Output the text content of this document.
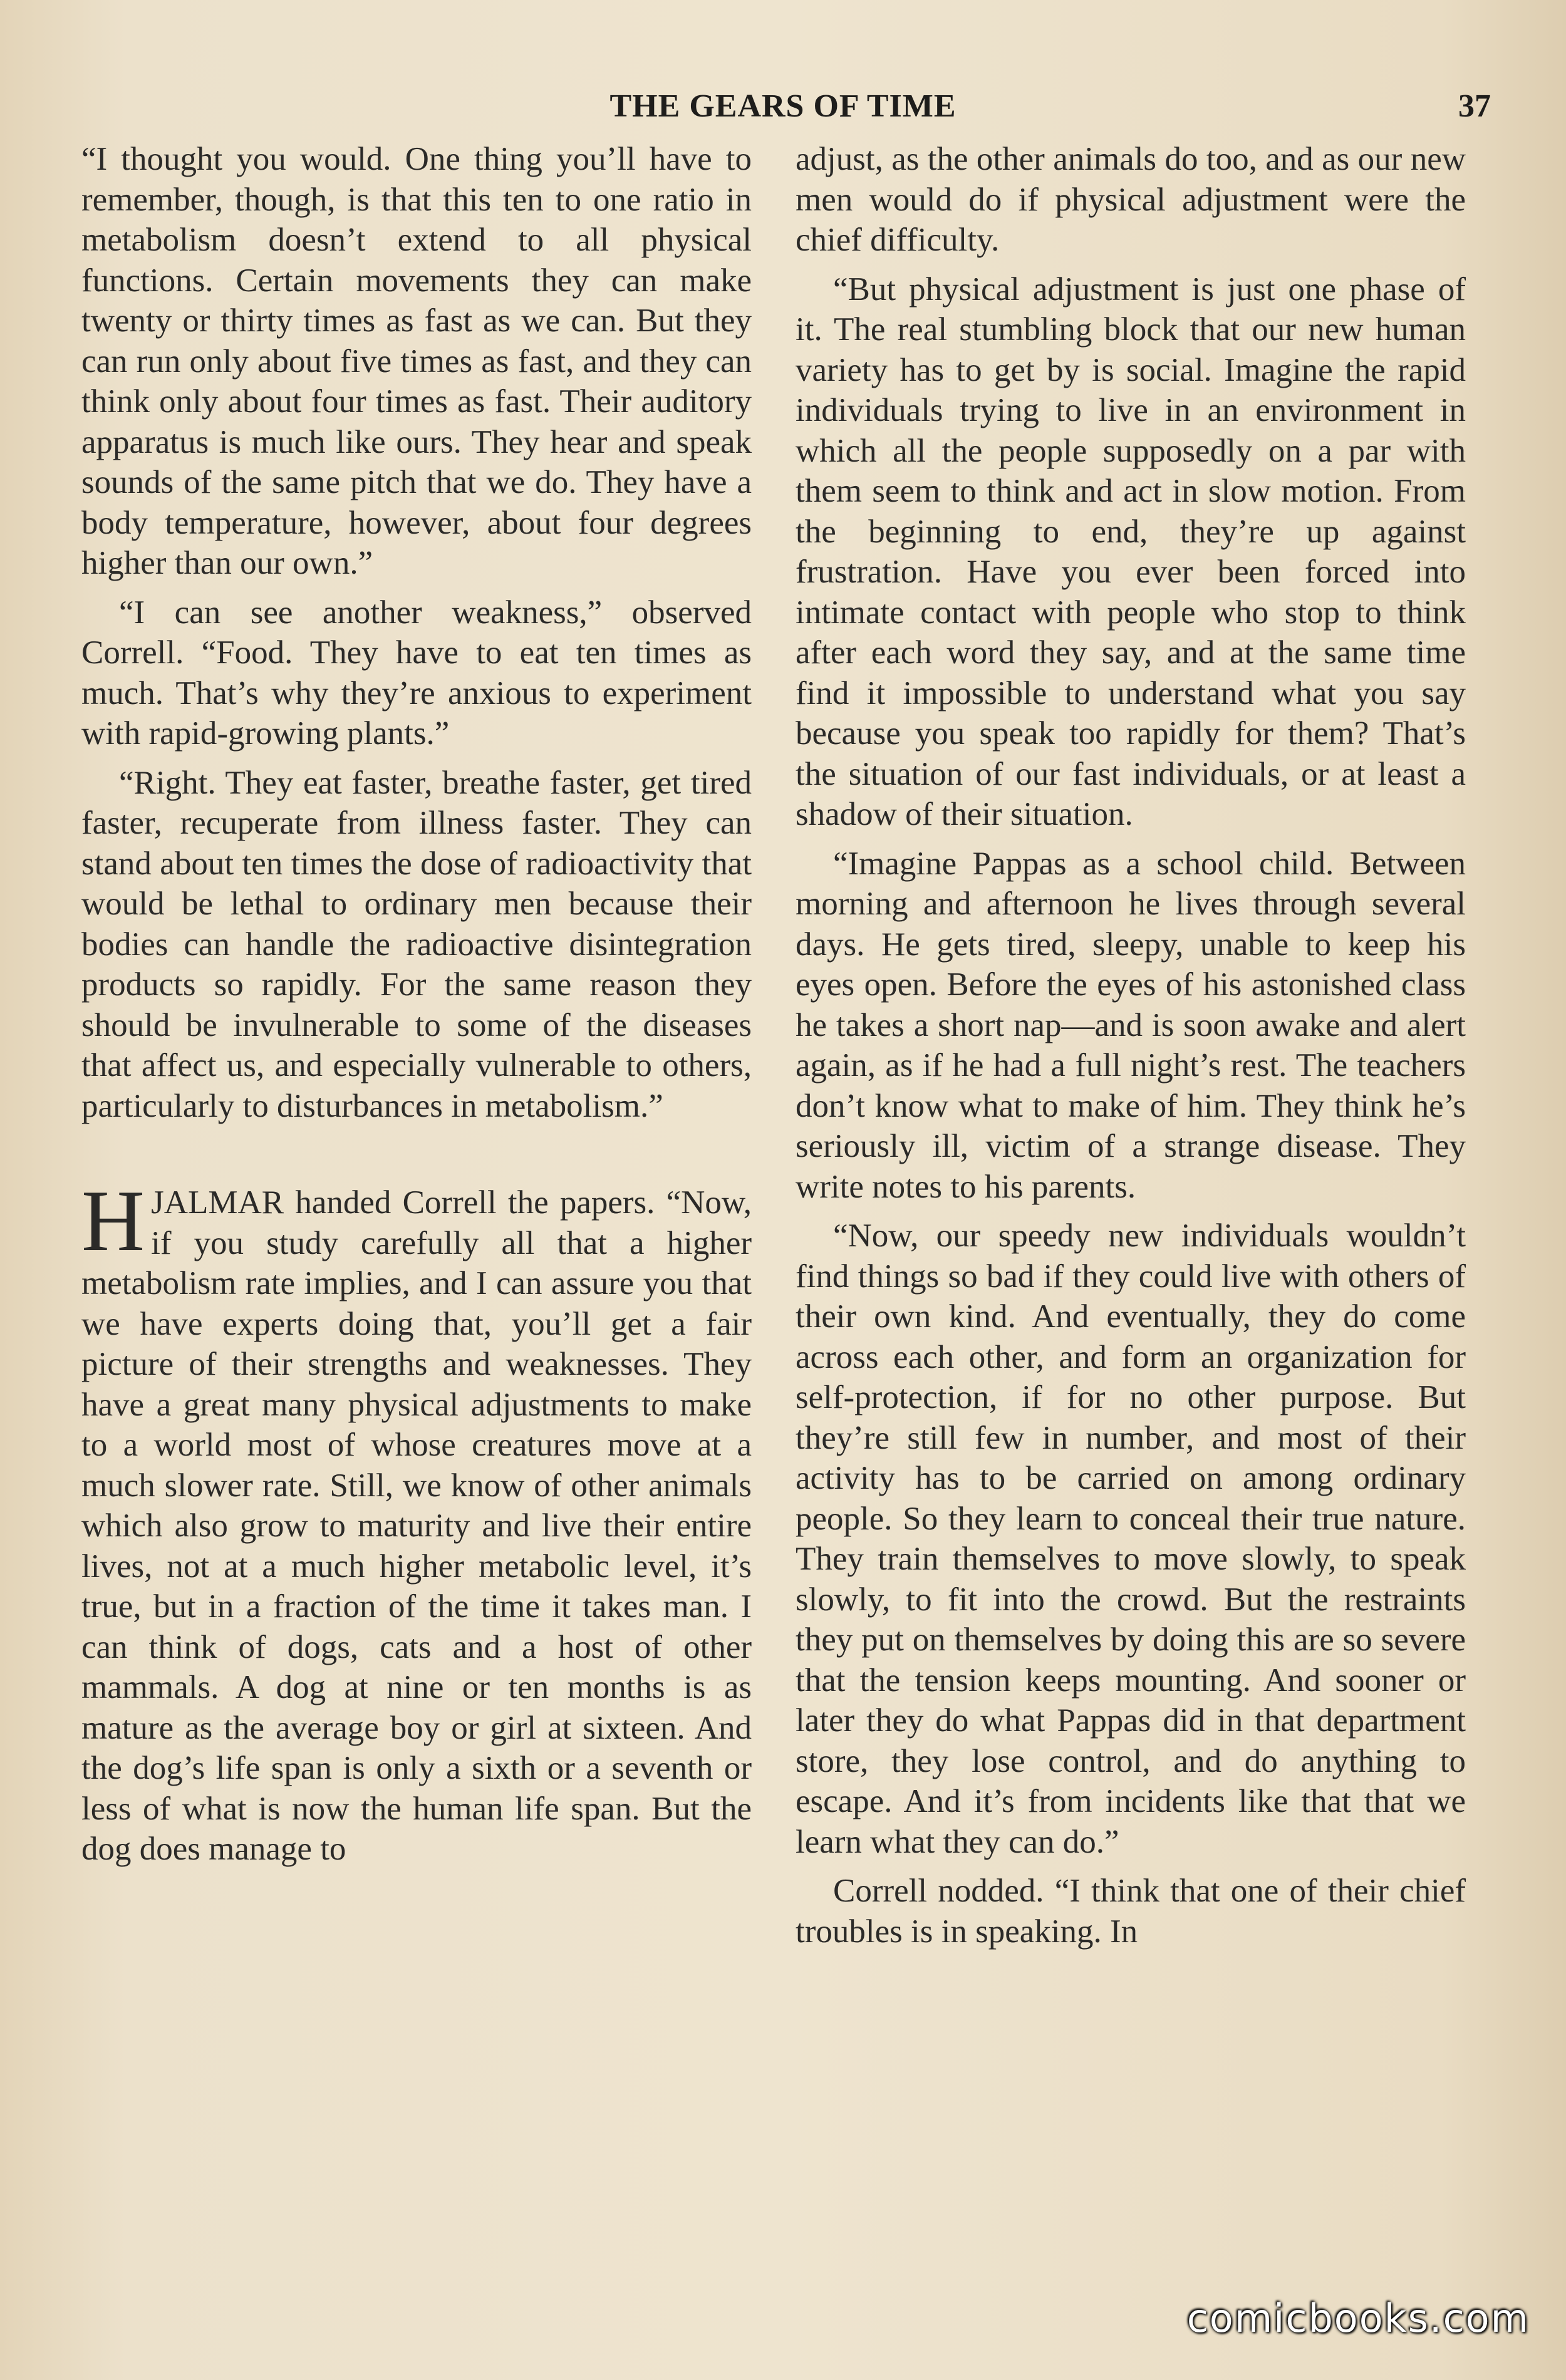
THE GEARS OF TIME	37

“I thought you would. One thing you’ll have to remember, though, is that this ten to one ratio in metabolism doesn’t extend to all physical functions. Certain movements they can make twenty or thirty times as fast as we can. But they can run only about five times as fast, and they can think only about four times as fast. Their auditory apparatus is much like ours. They hear and speak sounds of the same pitch that we do. They have a body temperature, however, about four degrees higher than our own.”

“I can see another weakness,” observed Correll. “Food. They have to eat ten times as much. That’s why they’re anxious to experiment with rapid-growing plants.”

“Right. They eat faster, breathe faster, get tired faster, recuperate from illness faster. They can stand about ten times the dose of radioactivity that would be lethal to ordinary men because their bodies can handle the radioactive disintegration products so rapidly. For the same reason they should be invulnerable to some of the diseases that affect us, and especially vulnerable to others, particularly to disturbances in metabolism.”

HJALMAR handed Correll the papers. “Now, if you study carefully all that a higher metabolism rate implies, and I can assure you that we have experts doing that, you’ll get a fair picture of their strengths and weaknesses. They have a great many physical adjustments to make to a world most of whose creatures move at a much slower rate. Still, we know of other animals which also grow to maturity and live their entire lives, not at a much higher metabolic level, it’s true, but in a fraction of the time it takes man. I can think of dogs, cats and a host of other mammals. A dog at nine or ten months is as mature as the average boy or girl at sixteen. And the dog’s life span is only a sixth or a seventh or less of what is now the human life span. But the dog does manage to

adjust, as the other animals do too, and as our new men would do if physical adjustment were the chief difficulty.

“But physical adjustment is just one phase of it. The real stumbling block that our new human variety has to get by is social. Imagine the rapid individuals trying to live in an environment in which all the people supposedly on a par with them seem to think and act in slow motion. From the beginning to end, they’re up against frustration. Have you ever been forced into intimate contact with people who stop to think after each word they say, and at the same time find it impossible to understand what you say because you speak too rapidly for them? That’s the situation of our fast individuals, or at least a shadow of their situation.

“Imagine Pappas as a school child. Between morning and afternoon he lives through several days. He gets tired, sleepy, unable to keep his eyes open. Before the eyes of his astonished class he takes a short nap—and is soon awake and alert again, as if he had a full night’s rest. The teachers don’t know what to make of him. They think he’s seriously ill, victim of a strange disease. They write notes to his parents.

“Now, our speedy new individuals wouldn’t find things so bad if they could live with others of their own kind. And eventually, they do come across each other, and form an organization for self-protection, if for no other purpose. But they’re still few in number, and most of their activity has to be carried on among ordinary people. So they learn to conceal their true nature. They train themselves to move slowly, to speak slowly, to fit into the crowd. But the restraints they put on themselves by doing this are so severe that the tension keeps mounting. And sooner or later they do what Pappas did in that department store, they lose control, and do anything to escape. And it’s from incidents like that that we learn what they can do.”

Correll nodded. “I think that one of their chief troubles is in speaking. In

comicbooks.com
